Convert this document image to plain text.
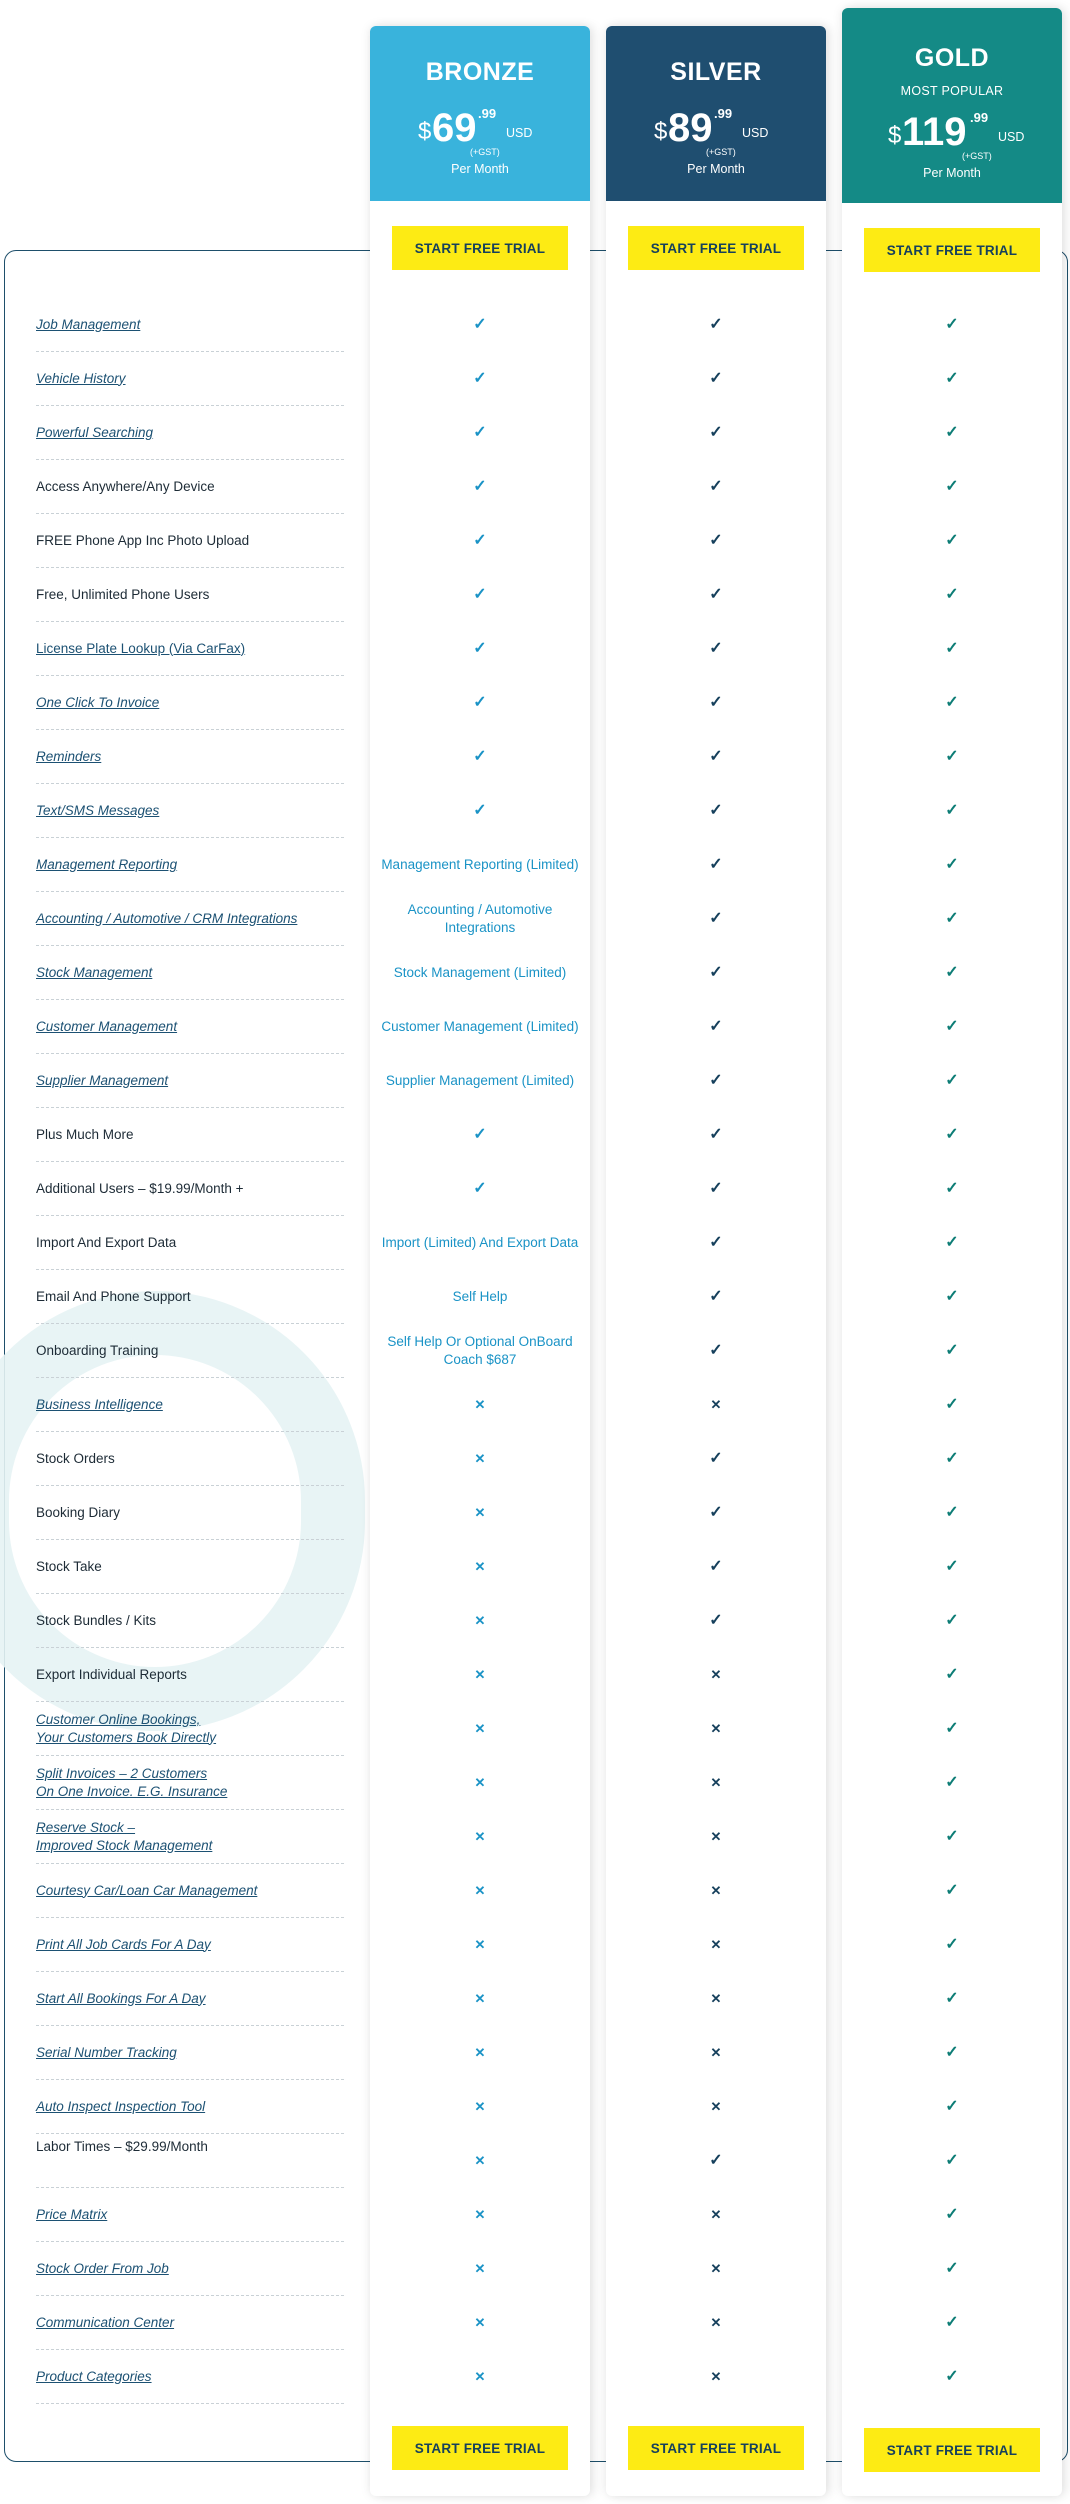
Job Management
Vehicle History
Powerful Searching
Access Anywhere/Any Device
FREE Phone App Inc Photo Upload
Free, Unlimited Phone Users
License Plate Lookup (Via CarFax)
One Click To Invoice
Reminders
Text/SMS Messages
Management Reporting
Accounting / Automotive / CRM Integrations
Stock Management
Customer Management
Supplier Management
Plus Much More
Additional Users – $19.99/Month +
Import And Export Data
Email And Phone Support
Onboarding Training
Business Intelligence
Stock Orders
Booking Diary
Stock Take
Stock Bundles / Kits
Export Individual Reports
Customer Online Bookings,
Your Customers Book Directly
Split Invoices – 2 Customers
On One Invoice. E.G. Insurance
Reserve Stock –
Improved Stock Management
Courtesy Car/Loan Car Management
Print All Job Cards For A Day
Start All Bookings For A Day
Serial Number Tracking
Auto Inspect Inspection Tool
Labor Times – $29.99/Month
Price Matrix
Stock Order From Job
Communication Center
Product Categories
BRONZE
$ 69 .99
(+GST)
USD
Per Month
START FREE TRIAL
✓
✓
✓
✓
✓
✓
✓
✓
✓
✓
Management Reporting (Limited)
Accounting / Automotive Integrations
Stock Management (Limited)
Customer Management (Limited)
Supplier Management (Limited)
✓
✓
Import (Limited) And Export Data
Self Help
Self Help Or Optional OnBoard Coach $687
✕
✕
✕
✕
✕
✕
✕
✕
✕
✕
✕
✕
✕
✕
✕
✕
✕
✕
✕
START FREE TRIAL
SILVER
$ 89 .99
(+GST)
USD
Per Month
START FREE TRIAL
✓
✓
✓
✓
✓
✓
✓
✓
✓
✓
✓
✓
✓
✓
✓
✓
✓
✓
✓
✓
✕
✓
✓
✓
✓
✕
✕
✕
✕
✕
✕
✕
✕
✕
✓
✕
✕
✕
✕
START FREE TRIAL
GOLD
MOST POPULAR
$ 119 .99
(+GST)
USD
Per Month
START FREE TRIAL
✓
✓
✓
✓
✓
✓
✓
✓
✓
✓
✓
✓
✓
✓
✓
✓
✓
✓
✓
✓
✓
✓
✓
✓
✓
✓
✓
✓
✓
✓
✓
✓
✓
✓
✓
✓
✓
✓
✓
START FREE TRIAL
